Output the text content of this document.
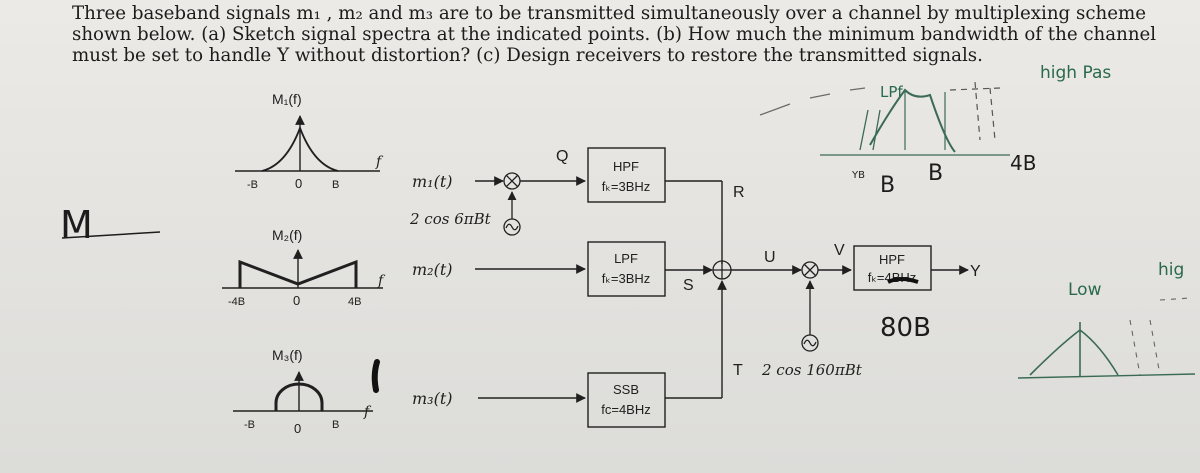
Three baseband signals m₁ , m₂ and m₃ are to be transmitted simultaneously over a channel by multiplexing scheme

shown below. (a) Sketch signal spectra at the indicated points. (b) How much the minimum bandwidth of the channel

must be set to handle Y without distortion? (c) Design receivers to restore the transmitted signals.

M₁(f)
-B	0	B
f
M₂(f)
-4B	0	4B
f
M₃(f)
-B	0	B
f
m₁(t)
2 cos 6πBt
Q
HPF
fₖ=3BHz	R
m₂(t)
LPF
fₖ=3BHz S
U	V
HPF
fₖ=4BHz	Y
m₃(t)	SSB
fᴄ=4BHz
T 2 cos 160πBt
high Pas
LPf
YB B B	4B
80B
Low
hig
M
